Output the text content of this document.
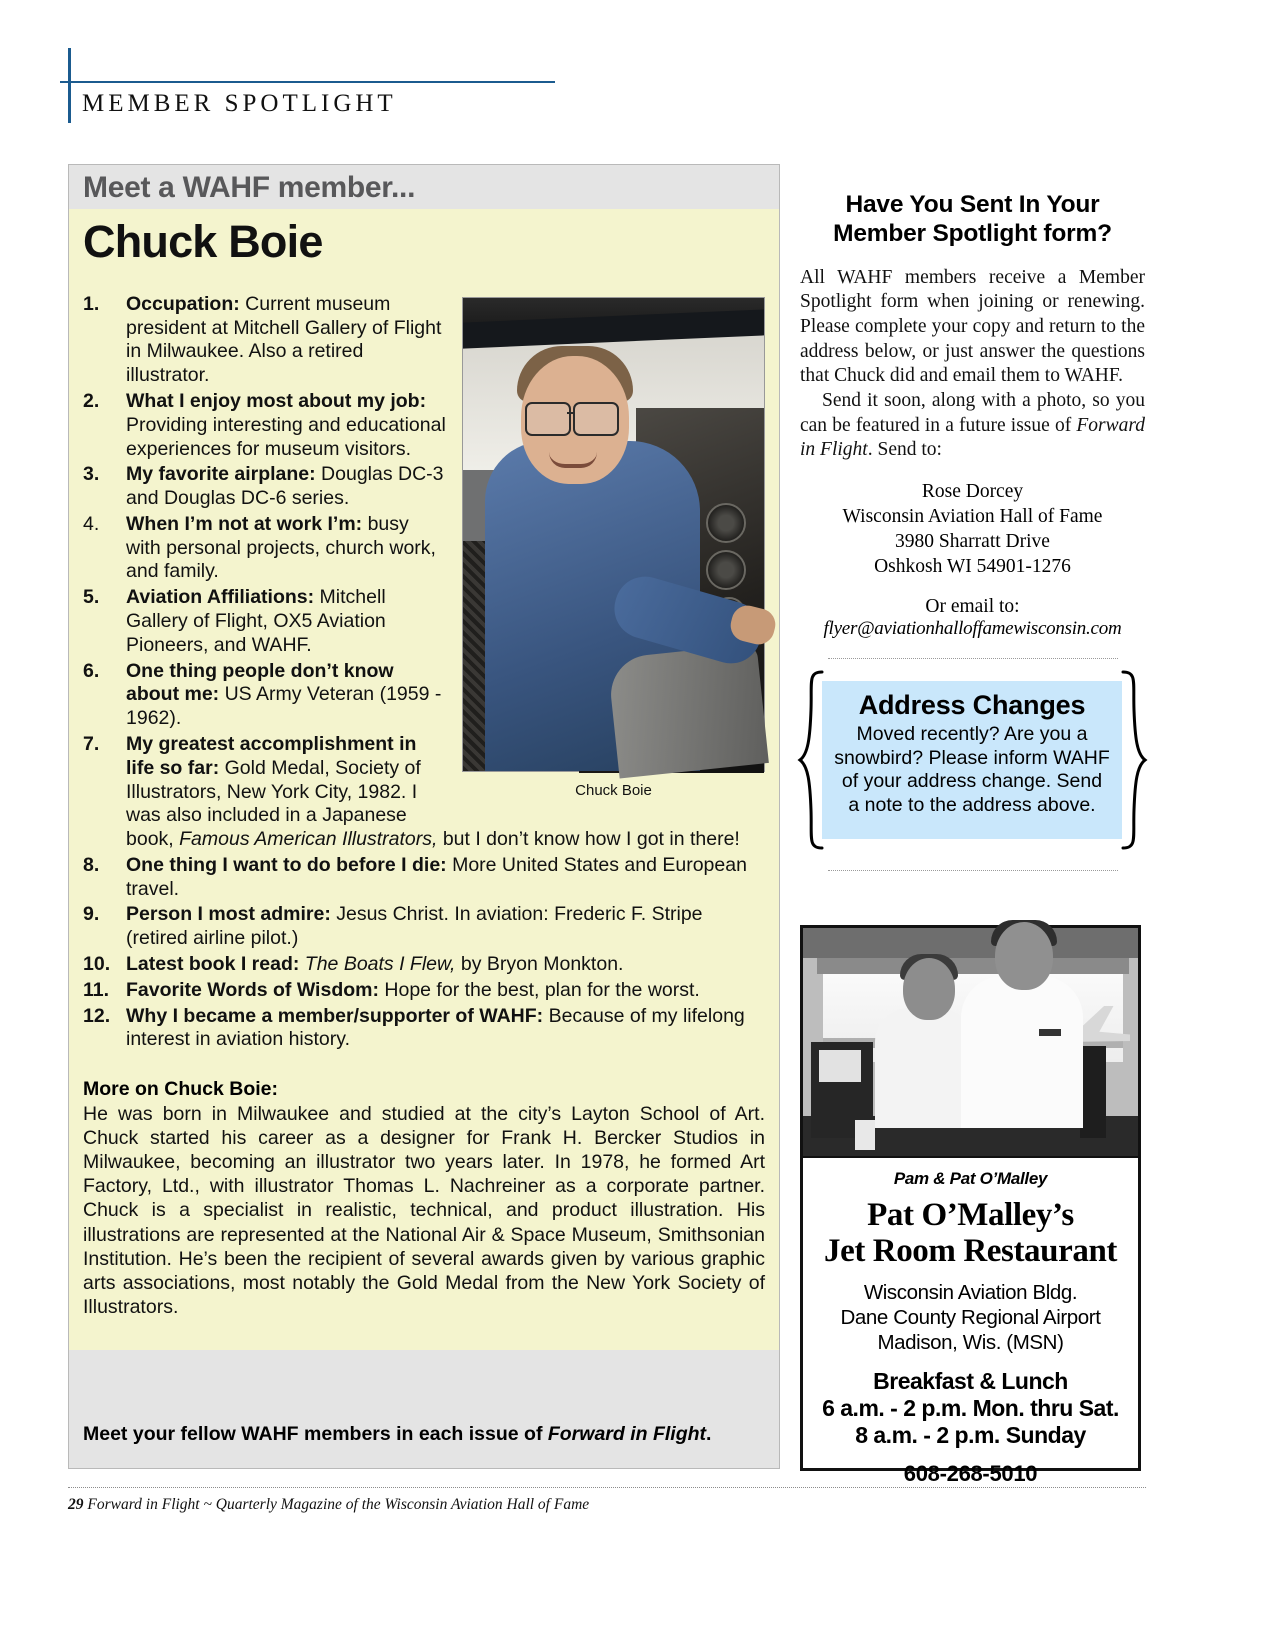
MEMBER SPOTLIGHT
Meet a WAHF member...
Chuck Boie
Chuck Boie
1.	Occupation: Current museum president at Mitchell Gallery of Flight in Milwaukee. Also a retired illustrator.
2.	What I enjoy most about my job: Providing interesting and educational experiences for museum visitors.
3.	My favorite airplane: Douglas DC-3 and Douglas DC-6 series.
4.	When I’m not at work I’m: busy with personal projects, church work, and family.
5.	Aviation Affiliations: Mitchell Gallery of Flight, OX5 Aviation Pioneers, and WAHF.
6.	One thing people don’t know about me: US Army Veteran (1959 - 1962).
7.	My greatest accomplishment in life so far: Gold Medal, Society of Illustrators, New York City, 1982. I was also included in a Japanese book, Famous American Illustrators, but I don’t know how I got in there!
8.	One thing I want to do before I die: More United States and European travel.
9.	Person I most admire: Jesus Christ. In aviation: Frederic F. Stripe (retired airline pilot.)
10. Latest book I read: The Boats I Flew, by Bryon Monkton.
11. Favorite Words of Wisdom: Hope for the best, plan for the worst.
12. Why I became a member/supporter of WAHF: Because of my lifelong interest in aviation history.
More on Chuck Boie:
He was born in Milwaukee and studied at the city’s Layton School of Art. Chuck started his career as a designer for Frank H. Bercker Studios in Milwaukee, becoming an illustrator two years later. In 1978, he formed Art Factory, Ltd., with illustrator Thomas L. Nachreiner as a corporate partner. Chuck is a specialist in realistic, technical, and product illustration. His illustrations are represented at the National Air & Space Museum, Smithsonian Institution. He’s been the recipient of several awards given by various graphic arts associations, most notably the Gold Medal from the New York Society of Illustrators.
Meet your fellow WAHF members in each issue of Forward in Flight.
Have You Sent In Your
Member Spotlight form?
All WAHF members receive a Member Spotlight form when joining or renewing. Please complete your copy and return to the address below, or just answer the questions that Chuck did and email them to WAHF.
Send it soon, along with a photo, so you can be featured in a future issue of Forward in Flight. Send to:
Rose Dorcey
Wisconsin Aviation Hall of Fame
3980 Sharratt Drive
Oshkosh WI 54901-1276
Or email to:
flyer@aviationhalloffamewisconsin.com
Address Changes
Moved recently? Are you a snowbird? Please inform WAHF of your address change. Send a note to the address above.
Pam & Pat O’Malley
Pat O’Malley’s
Jet Room Restaurant
Wisconsin Aviation Bldg.
Dane County Regional Airport
Madison, Wis. (MSN)
Breakfast & Lunch
6 a.m. - 2 p.m. Mon. thru Sat.
8 a.m. - 2 p.m. Sunday
608-268-5010
29 Forward in Flight ~ Quarterly Magazine of the Wisconsin Aviation Hall of Fame
